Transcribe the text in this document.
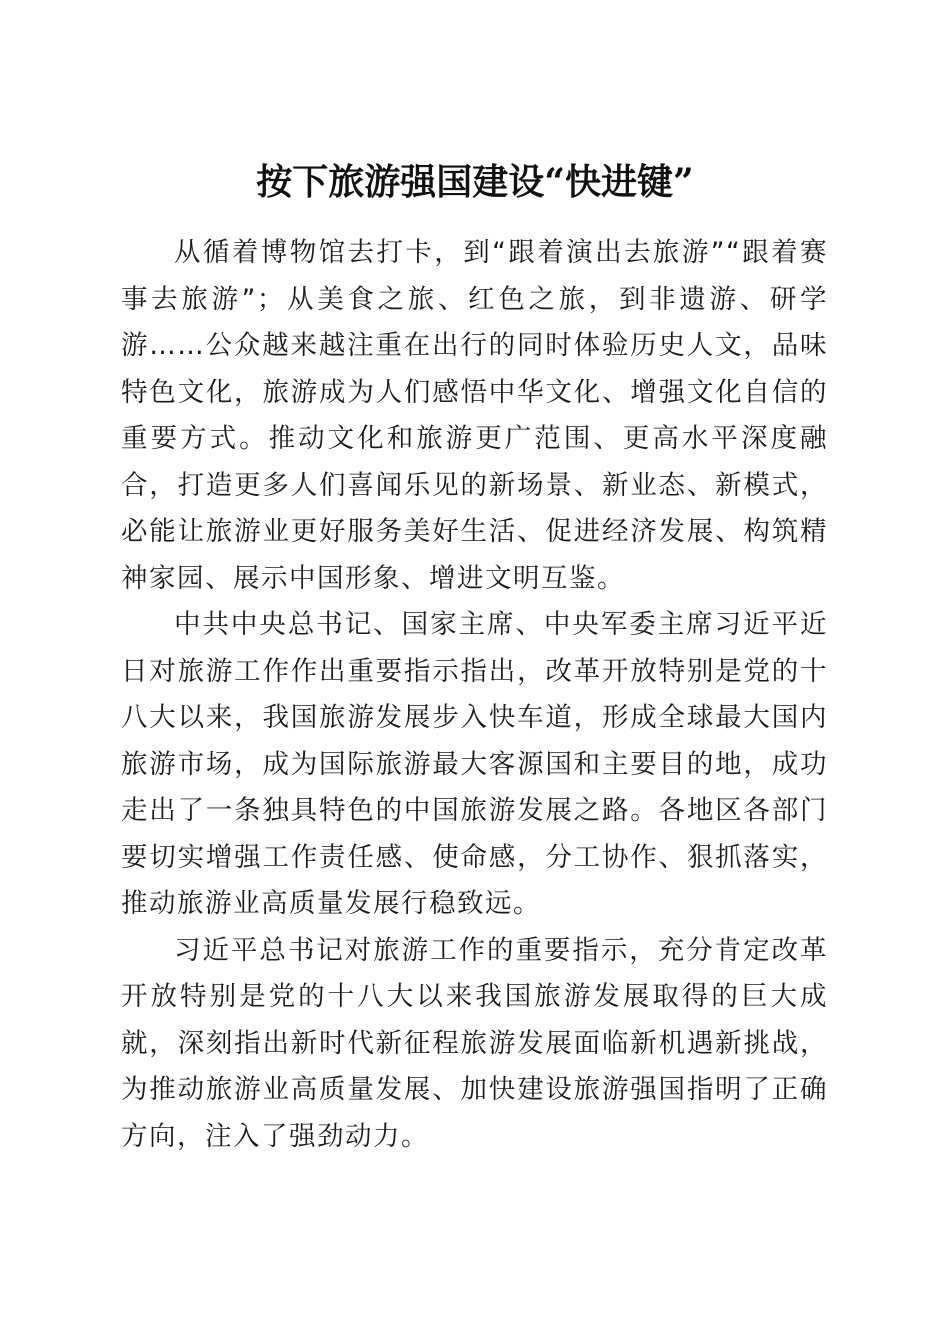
按下旅游强国建设“快进键”

从循着博物馆去打卡，到“跟着演出去旅游”“跟着赛事去旅游”；从美食之旅、红色之旅，到非遗游、研学游……公众越来越注重在出行的同时体验历史人文，品味特色文化，旅游成为人们感悟中华文化、增强文化自信的重要方式。推动文化和旅游更广范围、更高水平深度融合，打造更多人们喜闻乐见的新场景、新业态、新模式，必能让旅游业更好服务美好生活、促进经济发展、构筑精神家园、展示中国形象、增进文明互鉴。

中共中央总书记、国家主席、中央军委主席习近平近日对旅游工作作出重要指示指出，改革开放特别是党的十八大以来，我国旅游发展步入快车道，形成全球最大国内旅游市场，成为国际旅游最大客源国和主要目的地，成功走出了一条独具特色的中国旅游发展之路。各地区各部门要切实增强工作责任感、使命感，分工协作、狠抓落实，推动旅游业高质量发展行稳致远。

习近平总书记对旅游工作的重要指示，充分肯定改革开放特别是党的十八大以来我国旅游发展取得的巨大成就，深刻指出新时代新征程旅游发展面临新机遇新挑战，为推动旅游业高质量发展、加快建设旅游强国指明了正确方向，注入了强劲动力。
